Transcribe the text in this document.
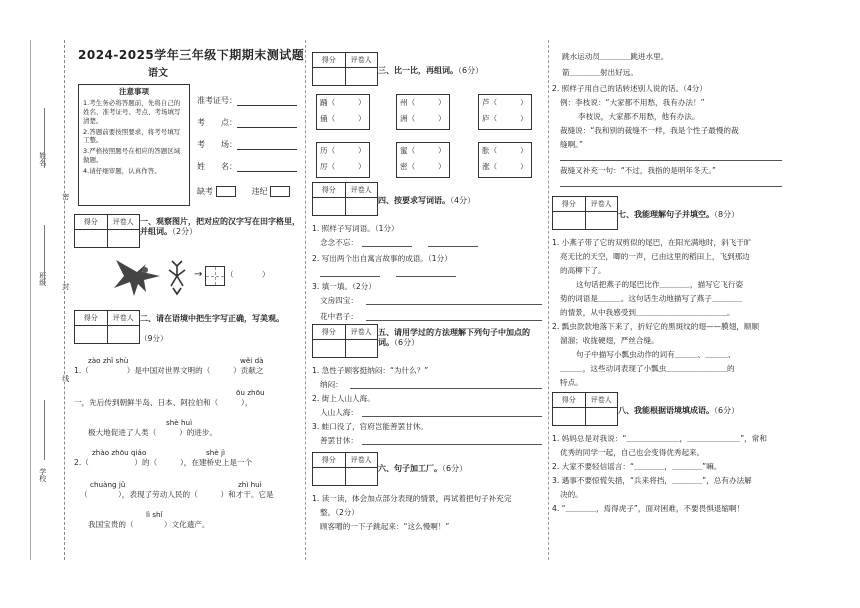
姓名
班级
学校
密
封
线
2024-2025学年三年级下期期末测试题
语文
注意事项

1.考生务必将答题前，先将自己的姓名、准考证号、考点、考场填写清楚。

2.答题前要按照要求，将考号填写工整。

3.严格按照题号在相应的答题区域做题。

4.请仔细审题，认真作答。

准考证号：
考　　点：
考　　场：
姓　　名：
缺考 　　	违纪
得分	评卷人 一、观察图片，把对应的汉字写在田字格里，并组词。（2分）
→	（	）
得分	评卷人 二、请在语境中把生字写正确，写美观。
（9分）
zào zhǐ shù	wěi dà
1.（　　　　　）是中国对世界文明的（　　　）贡献之
ōu zhōu
一，先后传到朝鲜半岛、日本、阿拉伯和（　　　），
shè huì
极大地促进了人类（　　　）的进步。
zhào zhōu qiáo	shè jì
2.（　　　　　　）的（　　　），在建桥史上是一个
chuàng jǔ	zhì huì
（　　　　），表现了劳动人民的（　　　）和才干。它是
lì shǐ
我国宝贵的（　　　　）文化遗产。
得分	评卷人
三、比一比，再组词。（6分）
踊（　　　）	州（　　　）	芦（　　　）
俑（　　　）	洲（　　　）	庐（　　　）
历（　　　）	蜜（　　　）	胀（　　　）
厉（　　　）	密（　　　）	涨（　　　）
得分	评卷人
四、按要求写词语。（4分）
1. 照样子写词语。（1分）
念念不忘：
2. 写出两个出自寓言故事的成语。（1分）
3. 填一填。（2分）
文房四宝：
花中君子：
得分	评卷人 五、请用学过的方法理解下列句子中加点的词。（6分）
1. 急性子顾客挺纳闷：“为什么？”
纳闷：
2. 街上人山人海。
人山人海：
3. 蛙口没了，官府岂能善罢甘休。
善罢甘休：
得分	评卷人
六、句子加工厂。（6分）
1. 读一读，体会加点部分表现的情景，再试着把句子补充完
整。（2分）
顾客噌的一下子跳起来：“这么慢啊！”
跳水运动员＿＿＿＿跳进水里。
箭＿＿＿＿射出好远。
2. 照样子用自己的话转述别人说的话。（4分）
例：李枝说：“大家都不用愁，我有办法！”
李枝说，大家都不用愁，他有办法。
裁缝说：“我和别的裁缝不一样，我是个性子最慢的裁
缝啊。”
裁缝又补充一句：“不过，我指的是明年冬天。”
得分	评卷人
七、我能理解句子并填空。（8分）
1. 小燕子带了它的双剪似的尾巴，在阳光满地时，斜飞于旷
亮无比的天空，唧的一声，已由这里的稻田上，飞到那边
的高柳下了。
这句话把燕子的尾巴比作＿＿＿＿，描写它飞行姿
势的词语是＿＿＿。这句话生动地描写了燕子＿＿＿＿
的情景，从中我感受到＿＿＿＿＿＿＿＿＿＿＿＿。
2. 瓢虫款款地落下来了，折好它的黑斑纹的翅——膜翅，顺顺
溜溜；收拢硬翅，严丝合缝。
句子中描写小瓢虫动作的词有＿＿＿、＿＿＿、
＿＿＿，这些动词表现了小瓢虫＿＿＿＿＿＿＿＿的
特点。
得分	评卷人
八、我能根据语境填成语。（6分）
1. 妈妈总是对我说：“＿＿＿＿＿＿＿，＿＿＿＿＿＿＿”，常和
优秀的同学一起，自己也会变得优秀起来。
2. 大家不要轻信谣言：“＿＿＿＿，＿＿＿＿”嘛。
3. 遇事不要惊慌失措，“兵来将挡，＿＿＿＿”，总有办法解
决的。
4. “＿＿＿＿，焉得虎子”，面对困难，不要畏惧退缩啊！
